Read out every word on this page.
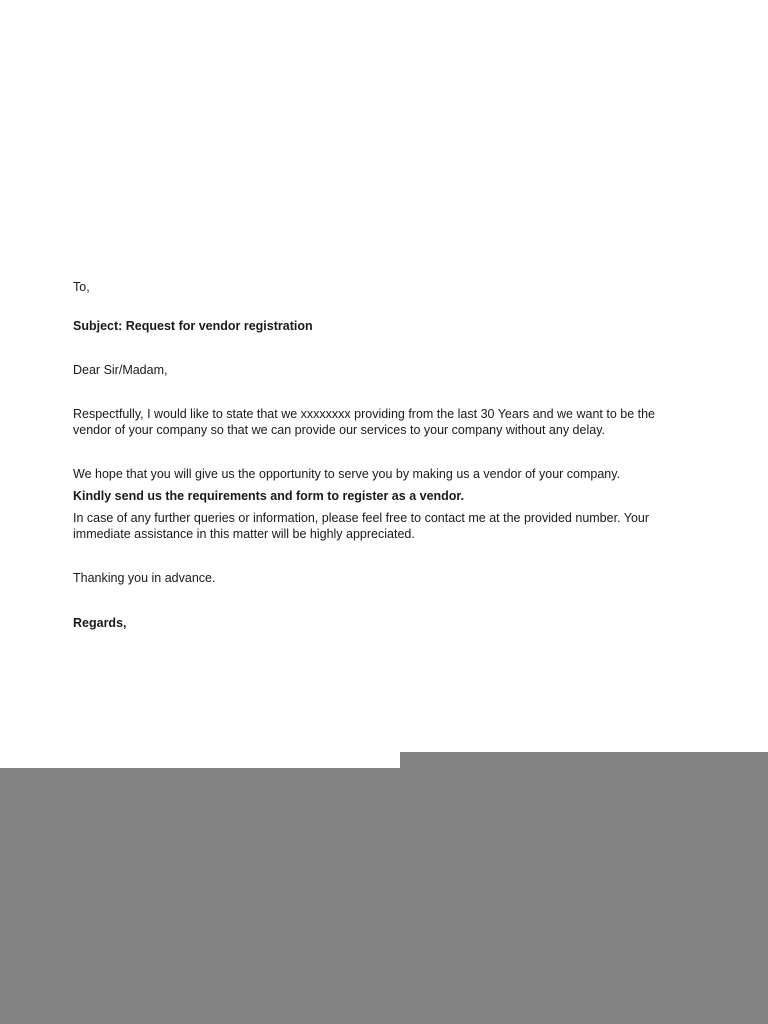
To,

Subject: Request for vendor registration

Dear Sir/Madam,

Respectfully, I would like to state that we xxxxxxxx providing from the last 30 Years and we want to be the vendor of your company so that we can provide our services to your company without any delay.

We hope that you will give us the opportunity to serve you by making us a vendor of your company.

Kindly send us the requirements and form to register as a vendor.

In case of any further queries or information, please feel free to contact me at the provided number. Your immediate assistance in this matter will be highly appreciated.

Thanking you in advance.

Regards,
